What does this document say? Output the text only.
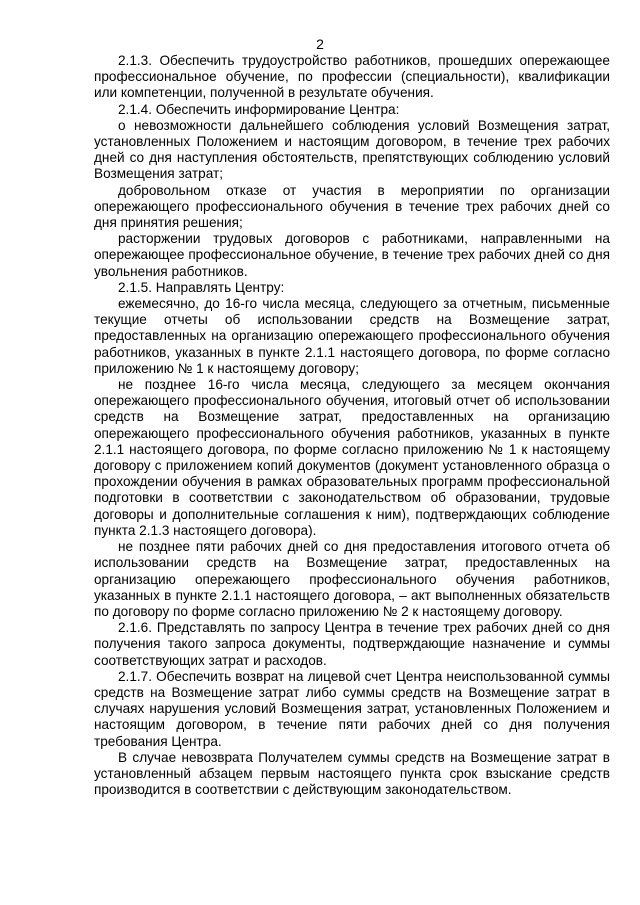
2

2.1.3. Обеспечить трудоустройство работников, прошедших опережающее профессиональное обучение, по профессии (специальности), квалификации или компетенции, полученной в результате обучения.

2.1.4. Обеспечить информирование Центра:

о невозможности дальнейшего соблюдения условий Возмещения затрат, установленных Положением и настоящим договором, в течение трех рабочих дней со дня наступления обстоятельств, препятствующих соблюдению условий Возмещения затрат;

добровольном отказе от участия в мероприятии по организации опережающего профессионального обучения в течение трех рабочих дней со дня принятия решения;

расторжении трудовых договоров с работниками, направленными на опережающее профессиональное обучение, в течение трех рабочих дней со дня увольнения работников.

2.1.5. Направлять Центру:

ежемесячно, до 16-го числа месяца, следующего за отчетным, письменные текущие отчеты об использовании средств на Возмещение затрат, предоставленных на организацию опережающего профессионального обучения работников, указанных в пункте 2.1.1 настоящего договора, по форме согласно приложению № 1 к настоящему договору;

не позднее 16-го числа месяца, следующего за месяцем окончания опережающего профессионального обучения, итоговый отчет об использовании средств на Возмещение затрат, предоставленных на организацию опережающего профессионального обучения работников, указанных в пункте 2.1.1 настоящего договора, по форме согласно приложению № 1 к настоящему договору с приложением копий документов (документ установленного образца о прохождении обучения в рамках образовательных программ профессиональной подготовки в соответствии с законодательством об образовании, трудовые договоры и дополнительные соглашения к ним), подтверждающих соблюдение пункта 2.1.3 настоящего договора).

не позднее пяти рабочих дней со дня предоставления итогового отчета об использовании средств на Возмещение затрат, предоставленных на организацию опережающего профессионального обучения работников, указанных в пункте 2.1.1 настоящего договора, – акт выполненных обязательств по договору по форме согласно приложению № 2 к настоящему договору.

2.1.6. Представлять по запросу Центра в течение трех рабочих дней со дня получения такого запроса документы, подтверждающие назначение и суммы соответствующих затрат и расходов.

2.1.7. Обеспечить возврат на лицевой счет Центра неиспользованной суммы средств на Возмещение затрат либо суммы средств на Возмещение затрат в случаях нарушения условий Возмещения затрат, установленных Положением и настоящим договором, в течение пяти рабочих дней со дня получения требования Центра.

В случае невозврата Получателем суммы средств на Возмещение затрат в установленный абзацем первым настоящего пункта срок взыскание средств производится в соответствии с действующим законодательством.
